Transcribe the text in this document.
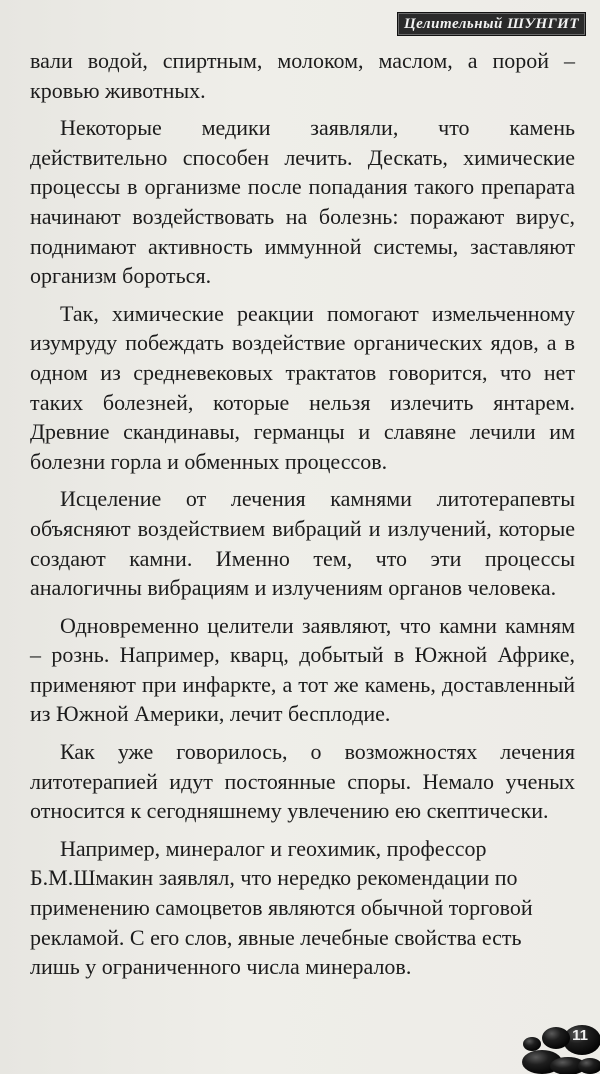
Целительный ШУНГИТ

вали водой, спиртным, молоком, маслом, а порой – кровью животных.

Некоторые медики заявляли, что камень действительно способен лечить. Дескать, химические процессы в организме после попадания такого препарата начинают воздействовать на болезнь: поражают вирус, поднимают активность иммунной системы, заставляют организм бороться.

Так, химические реакции помогают измельченному изумруду побеждать воздействие органических ядов, а в одном из средневековых трактатов говорится, что нет таких болезней, которые нельзя излечить янтарем. Древние скандинавы, германцы и славяне лечили им болезни горла и обменных процессов.

Исцеление от лечения камнями литотерапевты объясняют воздействием вибраций и излучений, которые создают камни. Именно тем, что эти процессы аналогичны вибрациям и излучениям органов человека.

Одновременно целители заявляют, что камни камням – рознь. Например, кварц, добытый в Южной Африке, применяют при инфаркте, а тот же камень, доставленный из Южной Америки, лечит бесплодие.

Как уже говорилось, о возможностях лечения литотерапией идут постоянные споры. Немало ученых относится к сегодняшнему увлечению ею скептически.

Например, минералог и геохимик, профессор Б.М.Шмакин заявлял, что нередко рекомендации по применению самоцветов являются обычной торговой рекламой. С его слов, явные лечебные свойства есть лишь у ограниченного числа минералов.

11
